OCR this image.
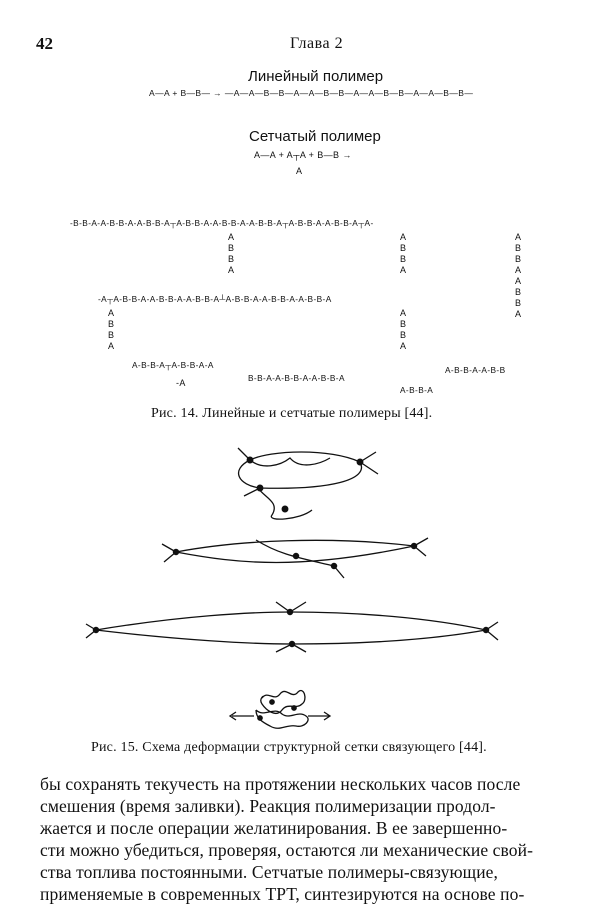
42	Глава 2
Линейный полимер
A—A + B—B— → —A—A—B—B—A—A—B—B—A—A—B—B—A—A—B—B—
Сетчатый полимер
A—A + A┬A + B—B →
A
-B-B-A-A-B-B-A-A-B-B-A┬A-B-B-A-A-B-B-A-A-B-B-A┬A-B-B-A-A-B-B-A┬A-
-A┬A-B-B-A-A-B-B-A-A-B-B-A┴A-B-B-A-A-B-B-A-A-B-B-A
A-B-B-A┬A-B-B-A-A
B-B-A-A-B-B-A-A-B-B-A
A-B-B-A-A-B-B
A-B-B-A
-A
A
B
B
A
A
B
B
A
A
B
B
A
A
B
B
A
A
B
B
A
A
B
B
A
Рис. 14. Линейные и сетчатые полимеры [44].
Рис. 15. Схема деформации структурной сетки связующего [44].
бы сохранять текучесть на протяжении нескольких часов после
смешения (время заливки). Реакция полимеризации продол-
жается и после операции желатинирования. В ее завершенно-
сти можно убедиться, проверяя, остаются ли механические свой-
ства топлива постоянными. Сетчатые полимеры-связующие,
применяемые в современных ТРТ, синтезируются на основе по-
